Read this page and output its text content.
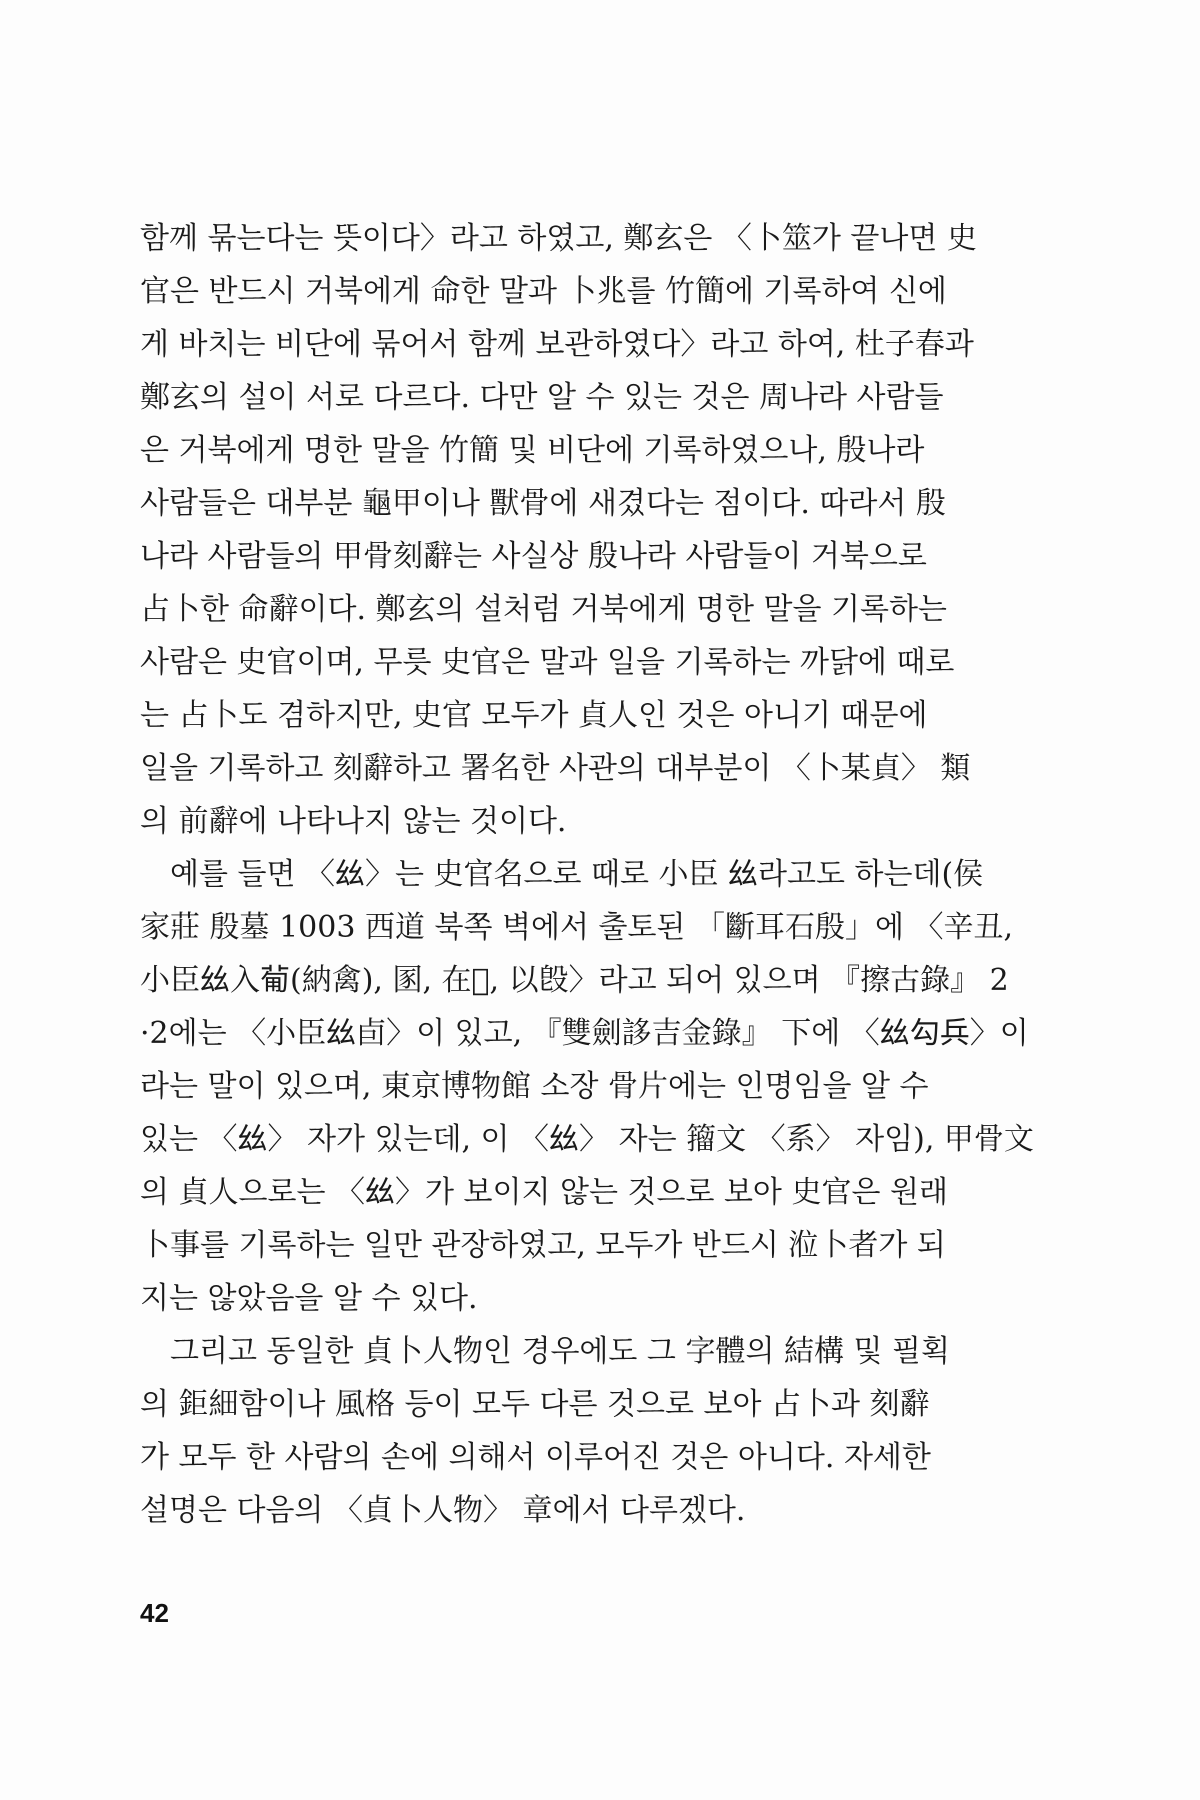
함께 묶는다는 뜻이다〉라고 하였고, 鄭玄은 〈卜筮가 끝나면 史
官은 반드시 거북에게 命한 말과 卜兆를 竹簡에 기록하여 신에
게 바치는 비단에 묶어서 함께 보관하였다〉라고 하여, 杜子春과
鄭玄의 설이 서로 다르다. 다만 알 수 있는 것은 周나라 사람들
은 거북에게 명한 말을 竹簡 및 비단에 기록하였으나, 殷나라
사람들은 대부분 龜甲이나 獸骨에 새겼다는 점이다. 따라서 殷
나라 사람들의 甲骨刻辭는 사실상 殷나라 사람들이 거북으로
占卜한 命辭이다. 鄭玄의 설처럼 거북에게 명한 말을 기록하는
사람은 史官이며, 무릇 史官은 말과 일을 기록하는 까닭에 때로
는 占卜도 겸하지만, 史官 모두가 貞人인 것은 아니기 때문에
일을 기록하고 刻辭하고 署名한 사관의 대부분이 〈卜某貞〉 類
의 前辭에 나타나지 않는 것이다.

예를 들면 〈𢆶〉는 史官名으로 때로 小臣 𢆶라고도 하는데(侯
家莊 殷墓 1003 西道 북쪽 벽에서 출토된 「斷耳石殷」에 〈辛丑,
小臣𢆶入𤰈(納禽), 圂, 在𡩊, 以𣪘〉라고 되어 있으며 『擦古錄』 2
·2에는 〈小臣𢆶卣〉이 있고, 『雙劍誃吉金錄』 下에 〈𢆶勾兵〉이
라는 말이 있으며, 東京博物館 소장 骨片에는 인명임을 알 수
있는 〈𢆶〉 자가 있는데, 이 〈𢆶〉 자는 籀文 〈系〉 자임), 甲骨文
의 貞人으로는 〈𢆶〉가 보이지 않는 것으로 보아 史官은 원래
卜事를 기록하는 일만 관장하였고, 모두가 반드시 涖卜者가 되
지는 않았음을 알 수 있다.

그리고 동일한 貞卜人物인 경우에도 그 字體의 結構 및 필획
의 鉅細함이나 風格 등이 모두 다른 것으로 보아 占卜과 刻辭
가 모두 한 사람의 손에 의해서 이루어진 것은 아니다. 자세한
설명은 다음의 〈貞卜人物〉 章에서 다루겠다.

42
